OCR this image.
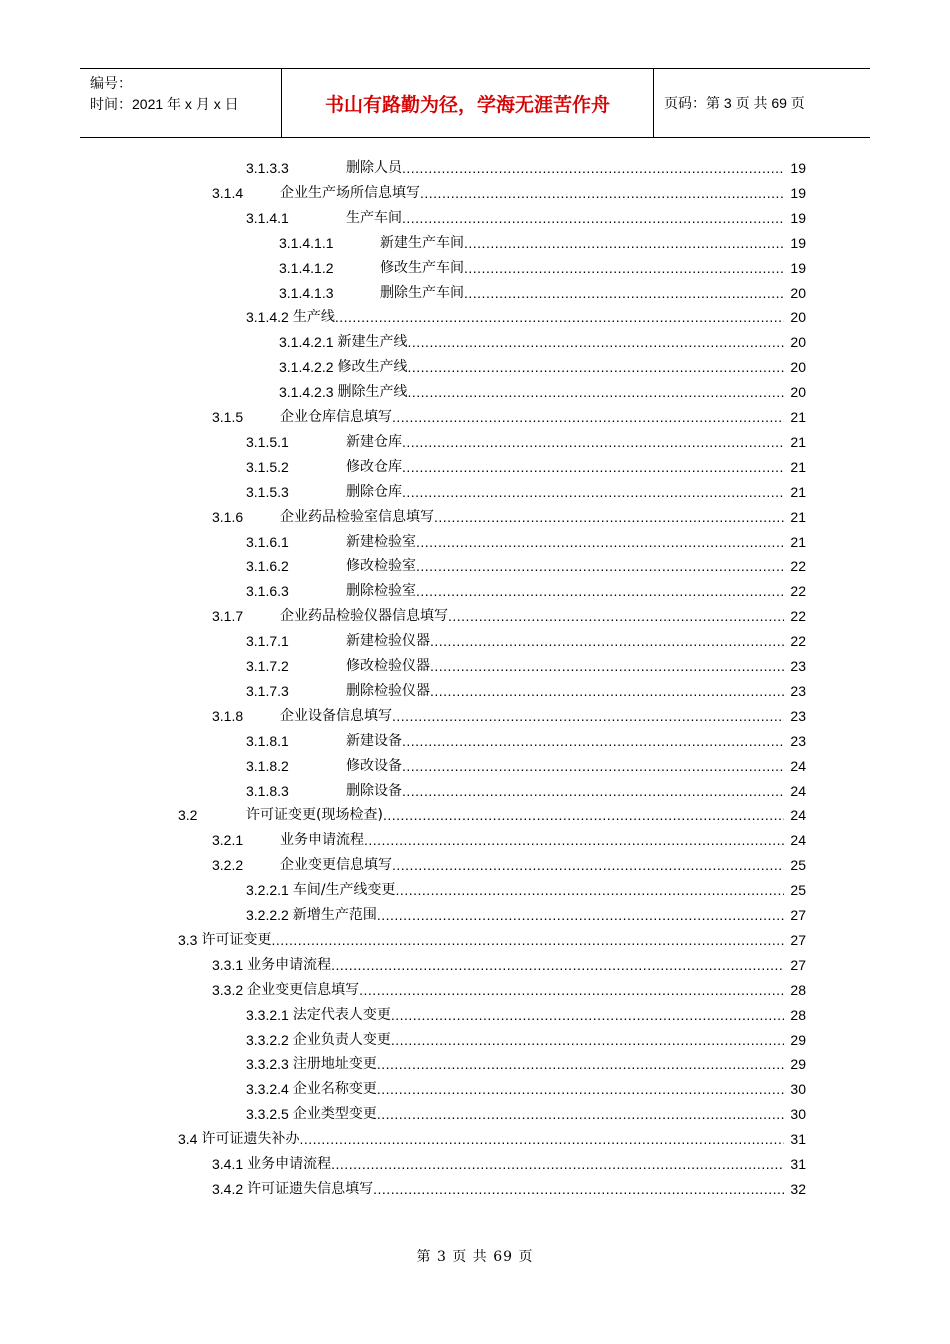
编号：
时间：2021 年 x 月 x 日	书山有路勤为径，学海无涯苦作舟	页码：第 3 页 共 69 页
3.1.3.3	删除人员 .....	19
3.1.4	企业生产场所信息填写 .....	19
3.1.4.1	生产车间 .....	19
3.1.4.1.1	新建生产车间 .....	19
3.1.4.1.2	修改生产车间 .....	19
3.1.4.1.3	删除生产车间 .....	20
3.1.4.2 生产线 .....	20
3.1.4.2.1 新建生产线 .....	20
3.1.4.2.2 修改生产线 .....	20
3.1.4.2.3 删除生产线 .....	20
3.1.5	企业仓库信息填写 .....	21
3.1.5.1	新建仓库 .....	21
3.1.5.2	修改仓库 .....	21
3.1.5.3	删除仓库 .....	21
3.1.6	企业药品检验室信息填写 .....	21
3.1.6.1	新建检验室 .....	21
3.1.6.2	修改检验室 .....	22
3.1.6.3	删除检验室 .....	22
3.1.7	企业药品检验仪器信息填写 .....	22
3.1.7.1	新建检验仪器 .....	22
3.1.7.2	修改检验仪器 .....	23
3.1.7.3	删除检验仪器 .....	23
3.1.8	企业设备信息填写 .....	23
3.1.8.1	新建设备 .....	23
3.1.8.2	修改设备 .....	24
3.1.8.3	删除设备 .....	24
3.2	许可证变更(现场检查) .....	24
3.2.1	业务申请流程 .....	24
3.2.2	企业变更信息填写 .....	25
3.2.2.1 车间/生产线变更 .....	25
3.2.2.2 新增生产范围 .....	27
3.3 许可证变更 .....	27
3.3.1 业务申请流程 .....	27
3.3.2 企业变更信息填写 .....	28
3.3.2.1 法定代表人变更 .....	28
3.3.2.2 企业负责人变更 .....	29
3.3.2.3 注册地址变更 .....	29
3.3.2.4 企业名称变更 .....	30
3.3.2.5 企业类型变更 .....	30
3.4 许可证遗失补办 .....	31
3.4.1 业务申请流程 .....	31
3.4.2 许可证遗失信息填写 .....	32
第 3 页 共 69 页
